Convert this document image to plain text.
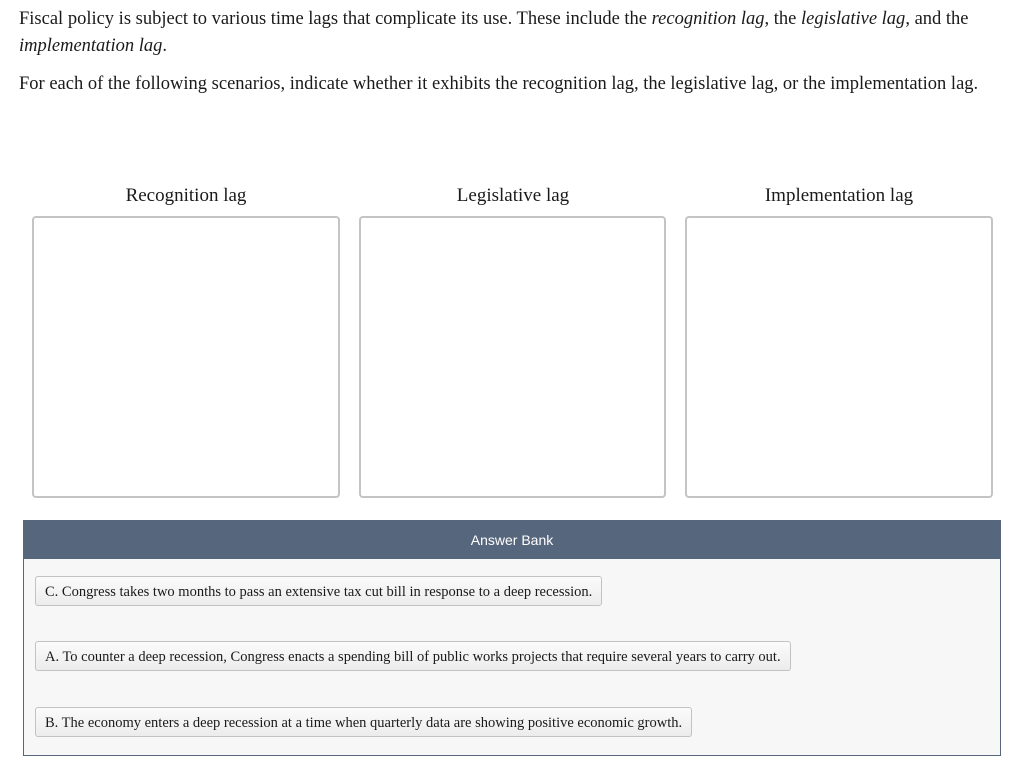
Fiscal policy is subject to various time lags that complicate its use. These include the recognition lag, the legislative lag, and the implementation lag.

For each of the following scenarios, indicate whether it exhibits the recognition lag, the legislative lag, or the implementation lag.

Recognition lag	Legislative lag	Implementation lag
Answer Bank
C. Congress takes two months to pass an extensive tax cut bill in response to a deep recession.
A. To counter a deep recession, Congress enacts a spending bill of public works projects that require several years to carry out.
B. The economy enters a deep recession at a time when quarterly data are showing positive economic growth.
